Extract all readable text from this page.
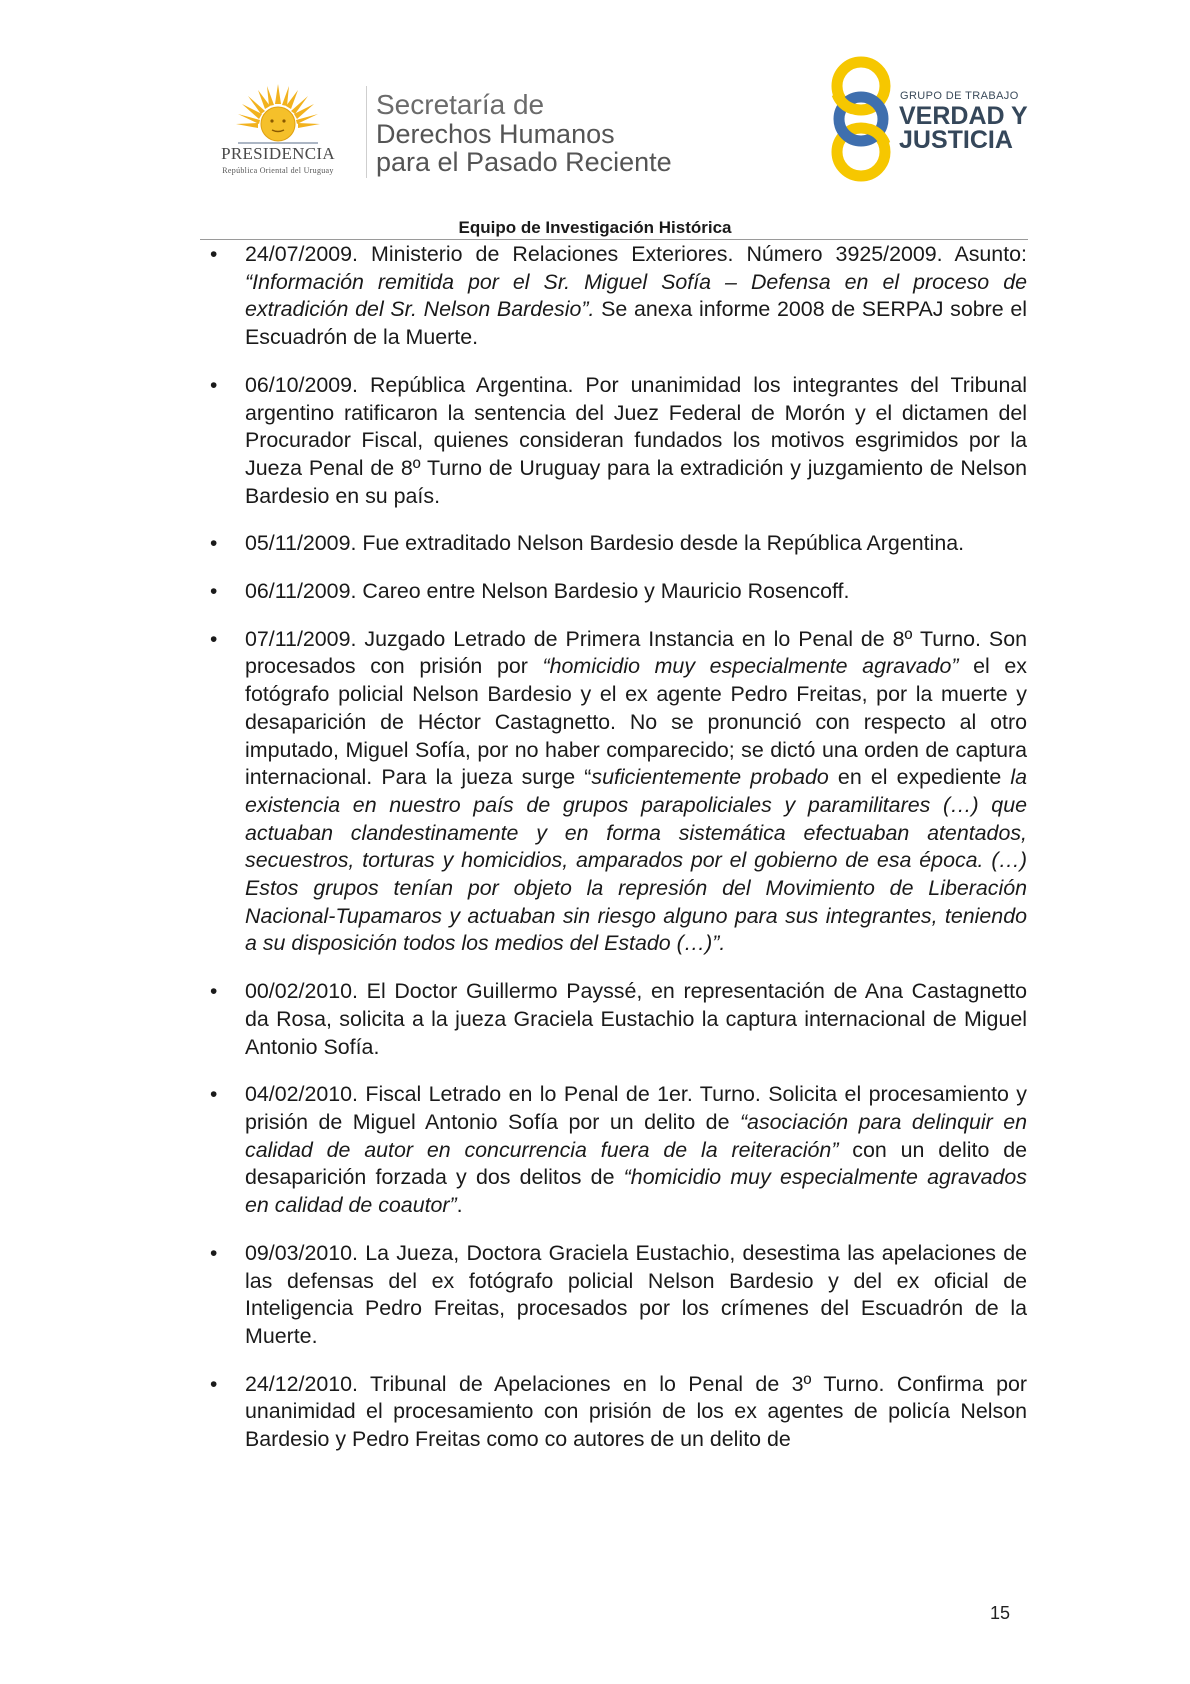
PRESIDENCIA
República Oriental del Uruguay
Secretaría de
Derechos Humanos
para el Pasado Reciente
GRUPO DE TRABAJO
VERDAD Y
JUSTICIA
Equipo de Investigación Histórica
• 24/07/2009. Ministerio de Relaciones Exteriores. Número 3925/2009. Asunto: “Información remitida por el Sr. Miguel Sofía – Defensa en el proceso de extradición del Sr. Nelson Bardesio”. Se anexa informe 2008 de SERPAJ sobre el Escuadrón de la Muerte.
• 06/10/2009. República Argentina. Por unanimidad los integrantes del Tribunal argentino ratificaron la sentencia del Juez Federal de Morón y el dictamen del Procurador Fiscal, quienes consideran fundados los motivos esgrimidos por la Jueza Penal de 8º Turno de Uruguay para la extradición y juzgamiento de Nelson Bardesio en su país.
• 05/11/2009. Fue extraditado Nelson Bardesio desde la República Argentina.
• 06/11/2009. Careo entre Nelson Bardesio y Mauricio Rosencoff.
• 07/11/2009. Juzgado Letrado de Primera Instancia en lo Penal de 8º Turno. Son procesados con prisión por “homicidio muy especialmente agravado” el ex fotógrafo policial Nelson Bardesio y el ex agente Pedro Freitas, por la muerte y desaparición de Héctor Castagnetto. No se pronunció con respecto al otro imputado, Miguel Sofía, por no haber comparecido; se dictó una orden de captura internacional. Para la jueza surge “suficientemente probado en el expediente la existencia en nuestro país de grupos parapoliciales y paramilitares (…) que actuaban clandestinamente y en forma sistemática efectuaban atentados, secuestros, torturas y homicidios, amparados por el gobierno de esa época. (…) Estos grupos tenían por objeto la represión del Movimiento de Liberación Nacional-Tupamaros y actuaban sin riesgo alguno para sus integrantes, teniendo a su disposición todos los medios del Estado (…)”.
• 00/02/2010. El Doctor Guillermo Payssé, en representación de Ana Castagnetto da Rosa, solicita a la jueza Graciela Eustachio la captura internacional de Miguel Antonio Sofía.
• 04/02/2010. Fiscal Letrado en lo Penal de 1er. Turno. Solicita el procesamiento y prisión de Miguel Antonio Sofía por un delito de “asociación para delinquir en calidad de autor en concurrencia fuera de la reiteración” con un delito de desaparición forzada y dos delitos de “homicidio muy especialmente agravados en calidad de coautor”.
• 09/03/2010. La Jueza, Doctora Graciela Eustachio, desestima las apelaciones de las defensas del ex fotógrafo policial Nelson Bardesio y del ex oficial de Inteligencia Pedro Freitas, procesados por los crímenes del Escuadrón de la Muerte.
• 24/12/2010. Tribunal de Apelaciones en lo Penal de 3º Turno. Confirma por unanimidad el procesamiento con prisión de los ex agentes de policía Nelson Bardesio y Pedro Freitas como co autores de un delito de
15
